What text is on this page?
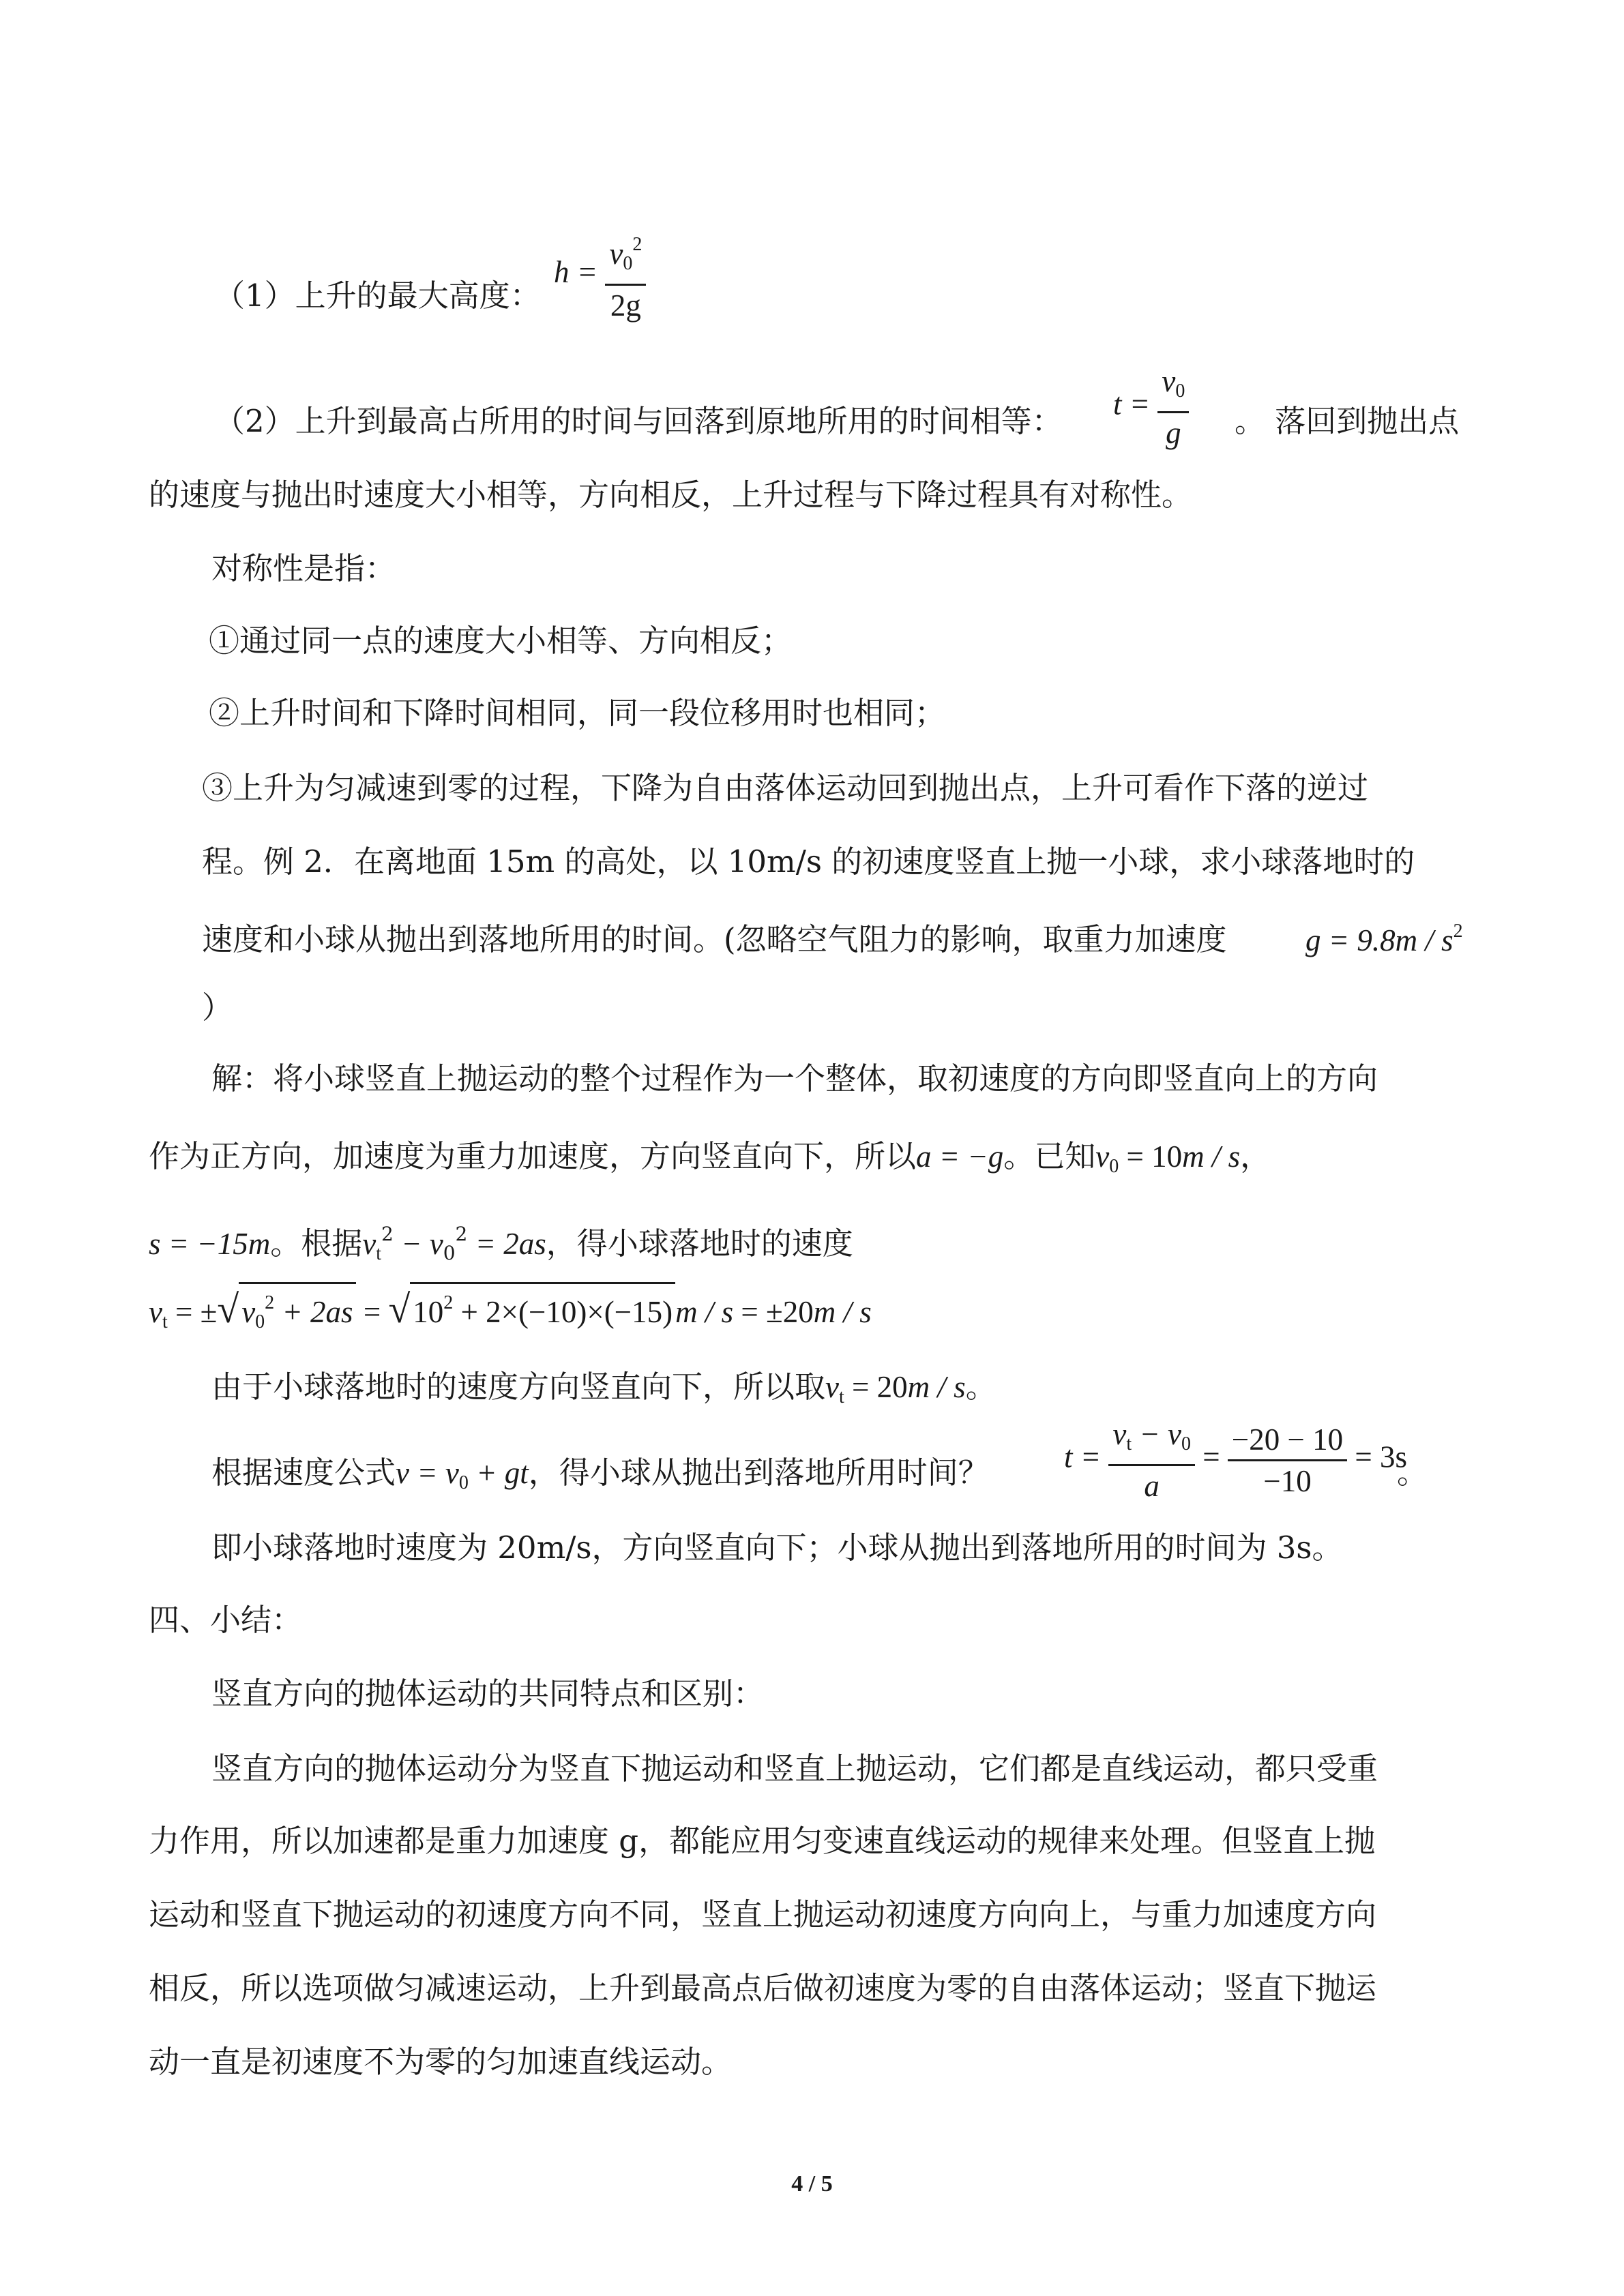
$h = \frac{v_0^2}{2g}$
（1）上升的最大高度：
$t = \frac{v_0}{g}$
（2）上升到最高占所用的时间与回落到原地所用的时间相等：	。 落回到抛出点
的速度与抛出时速度大小相等，方向相反，上升过程与下降过程具有对称性。
对称性是指：
①通过同一点的速度大小相等、方向相反；
②上升时间和下降时间相同，同一段位移用时也相同；
③上升为匀减速到零的过程，下降为自由落体运动回到抛出点，上升可看作下落的逆过
程。例 2．在离地面 15m 的高处，以 10m/s 的初速度竖直上抛一小球，求小球落地时的
速度和小球从抛出到落地所用的时间。(忽略空气阻力的影响，取重力加速度	$g = 9.8m / s^2$
）
解：将小球竖直上抛运动的整个过程作为一个整体，取初速度的方向即竖直向上的方向
作为正方向，加速度为重力加速度，方向竖直向下，所以a = −g。已知$v_0 = 10m / s$，
s = −15m。根据$v_t^2 - v_0^2 = 2as$，得小球落地时的速度
$v_t = \pm√v_0^2 + 2as = √10^2 + 2\times(-10)\times(-15)m / s = \pm 20m / s$
由于小球落地时的速度方向竖直向下，所以取$v_t = 20m / s$。
$t = \frac{v_t - v_0}{a} = \frac{-20 - 10}{-10} = 3s$
根据速度公式$v = v_0$ + gt，得小球从抛出到落地所用时间？	。
即小球落地时速度为 20m/s，方向竖直向下；小球从抛出到落地所用的时间为 3s。
四、小结：
竖直方向的抛体运动的共同特点和区别：
竖直方向的抛体运动分为竖直下抛运动和竖直上抛运动，它们都是直线运动，都只受重
力作用，所以加速都是重力加速度 g，都能应用匀变速直线运动的规律来处理。但竖直上抛
运动和竖直下抛运动的初速度方向不同，竖直上抛运动初速度方向向上，与重力加速度方向
相反，所以选项做匀减速运动，上升到最高点后做初速度为零的自由落体运动；竖直下抛运
动一直是初速度不为零的匀加速直线运动。
4 / 5
